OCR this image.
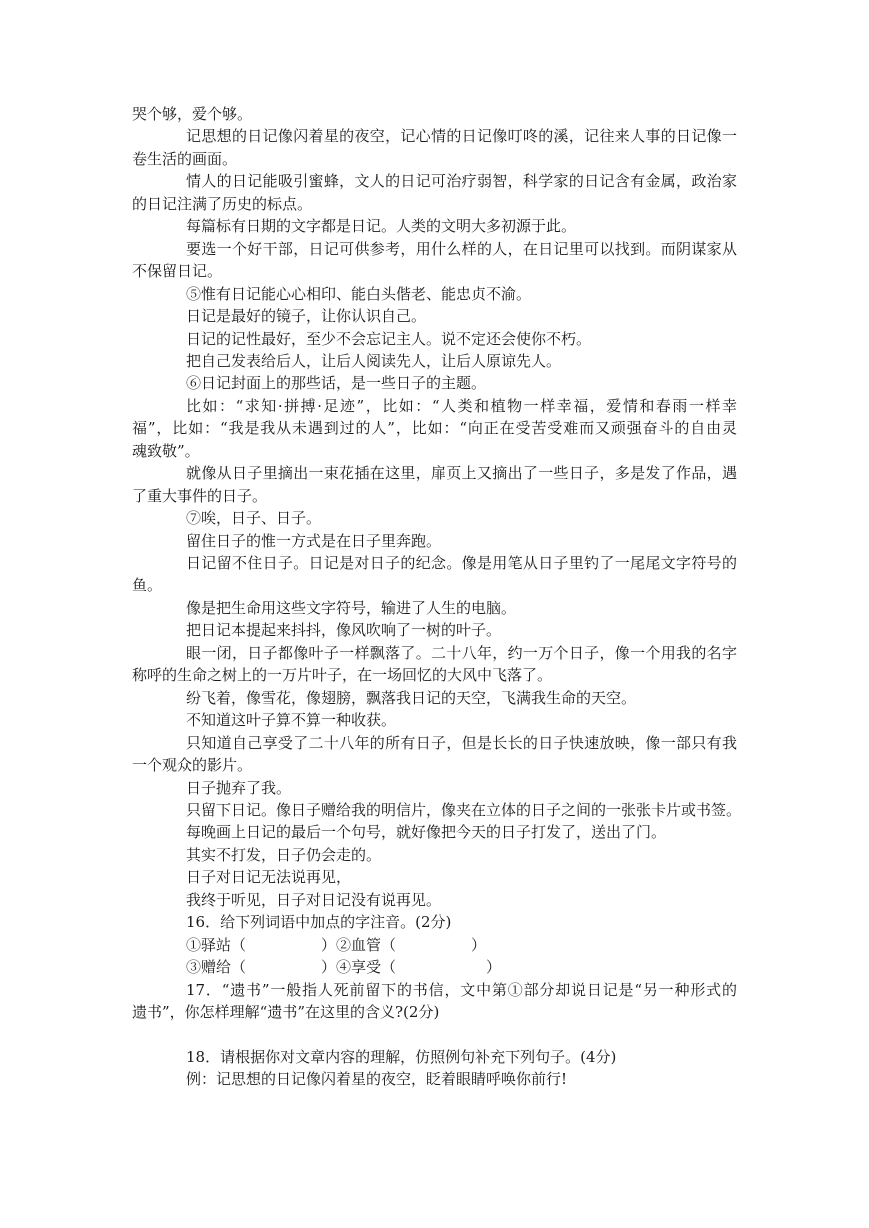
哭个够，爱个够。
记思想的日记像闪着星的夜空，记心情的日记像叮咚的溪，记往来人事的日记像一
卷生活的画面。
情人的日记能吸引蜜蜂，文人的日记可治疗弱智，科学家的日记含有金属，政治家
的日记注满了历史的标点。
每篇标有日期的文字都是日记。人类的文明大多初源于此。
要选一个好干部，日记可供参考，用什么样的人，在日记里可以找到。而阴谋家从
不保留日记。
⑤惟有日记能心心相印、能白头偕老、能忠贞不渝。
日记是最好的镜子，让你认识自己。
日记的记性最好，至少不会忘记主人。说不定还会使你不朽。
把自己发表给后人，让后人阅读先人，让后人原谅先人。
⑥日记封面上的那些话，是一些日子的主题。
比如：“求知·拼搏·足迹”，比如：“人类和植物一样幸福，爱情和春雨一样幸
福”，比如：“我是我从未遇到过的人”，比如：“向正在受苦受难而又顽强奋斗的自由灵
魂致敬”。
就像从日子里摘出一束花插在这里，扉页上又摘出了一些日子，多是发了作品，遇
了重大事件的日子。
⑦唉，日子、日子。
留住日子的惟一方式是在日子里奔跑。
日记留不住日子。日记是对日子的纪念。像是用笔从日子里钓了一尾尾文字符号的
鱼。
像是把生命用这些文字符号，输进了人生的电脑。
把日记本提起来抖抖，像风吹响了一树的叶子。
眼一闭，日子都像叶子一样飘落了。二十八年，约一万个日子，像一个用我的名字
称呼的生命之树上的一万片叶子，在一场回忆的大风中飞落了。
纷飞着，像雪花，像翅膀，飘落我日记的天空，飞满我生命的天空。
不知道这叶子算不算一种收获。
只知道自己享受了二十八年的所有日子，但是长长的日子快速放映，像一部只有我
一个观众的影片。
日子抛弃了我。
只留下日记。像日子赠给我的明信片，像夹在立体的日子之间的一张张卡片或书签。
每晚画上日记的最后一个句号，就好像把今天的日子打发了，送出了门。
其实不打发，日子仍会走的。
日子对日记无法说再见，
我终于听见，日子对日记没有说再见。
16．给下列词语中加点的字注音。(2分)
①驿站（　　　　　）②血管（　　　　　）
③赠给（　　　　　）④享受（　　　　　　）
17．“遗书”一般指人死前留下的书信，文中第①部分却说日记是“另一种形式的
遗书”，你怎样理解“遗书”在这里的含义?(2分)
18．请根据你对文章内容的理解，仿照例句补充下列句子。(4分)
例：记思想的日记像闪着星的夜空，眨着眼睛呼唤你前行!
